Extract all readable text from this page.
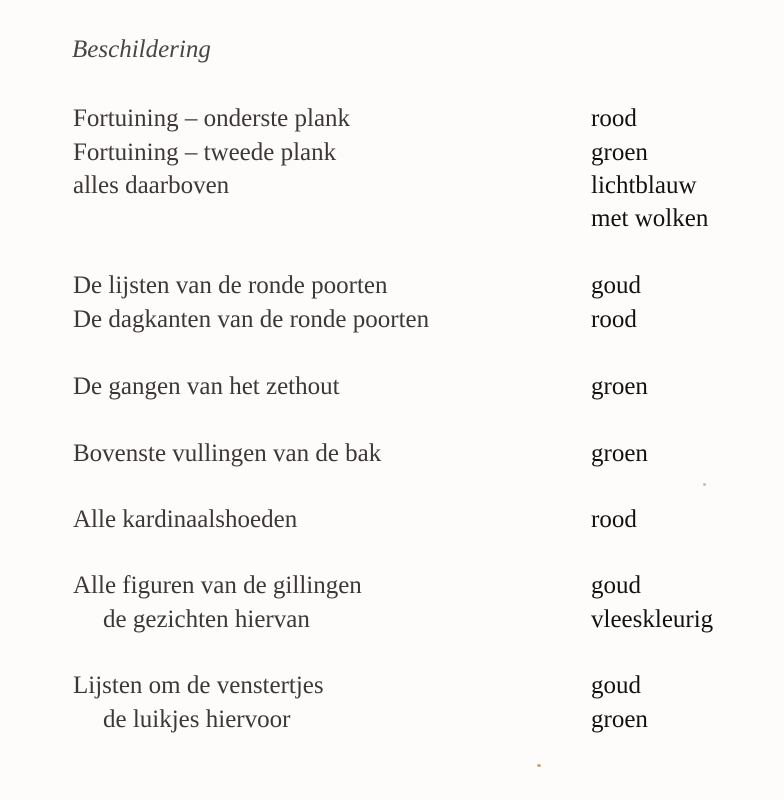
Beschildering
Fortuining – onderste plank	rood
Fortuining – tweede plank	groen
alles daarboven	lichtblauw
met wolken
De lijsten van de ronde poorten	goud
De dagkanten van de ronde poorten	rood
De gangen van het zethout	groen
Bovenste vullingen van de bak	groen
Alle kardinaalshoeden	rood
Alle figuren van de gillingen	goud
de gezichten hiervan	vleeskleurig
Lijsten om de venstertjes	goud
de luikjes hiervoor	groen
